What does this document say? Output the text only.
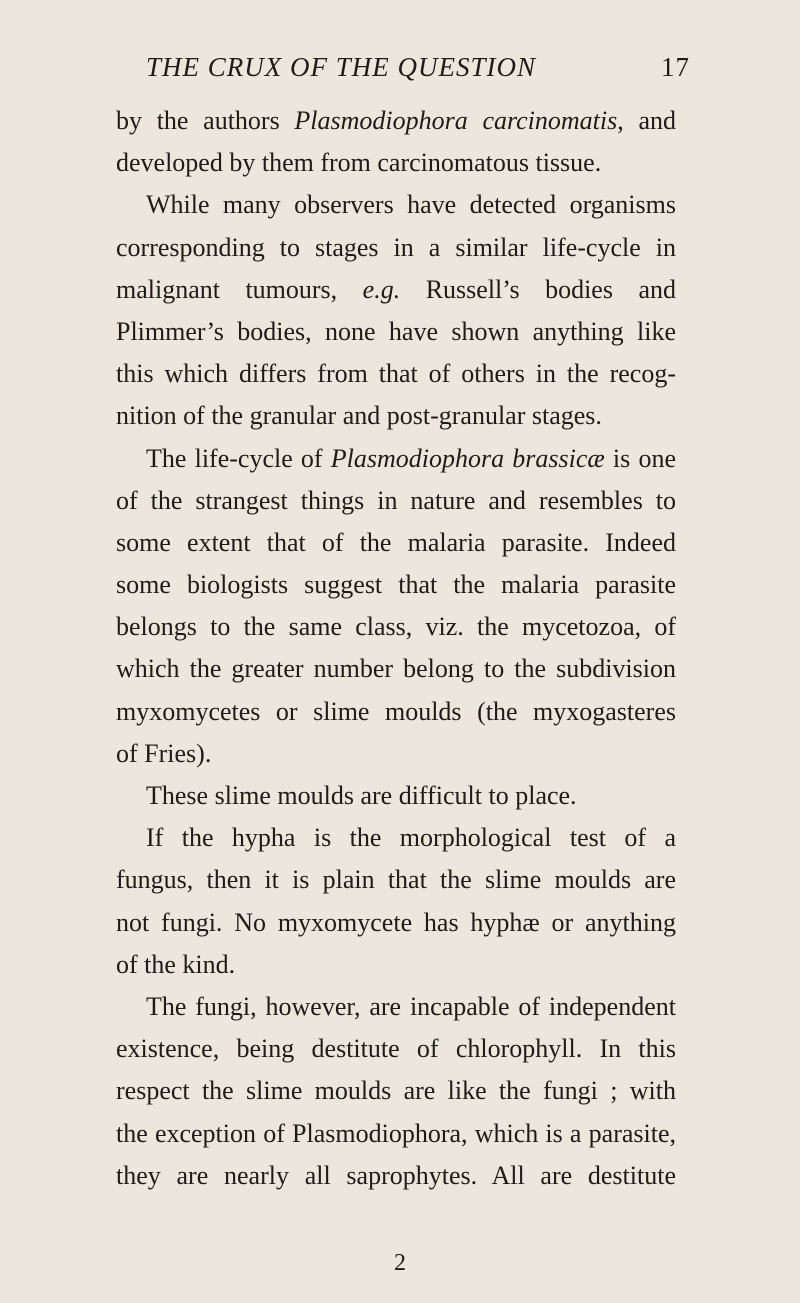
THE CRUX OF THE QUESTION	17
by the authors Plasmodiophora carcinomatis, and
developed by them from carcinomatous tissue.
While many observers have detected organisms
corresponding to stages in a similar life-cycle in
malignant tumours, e.g. Russell’s bodies and
Plimmer’s bodies, none have shown anything like
this which differs from that of others in the recog-
nition of the granular and post-granular stages.
The life-cycle of Plasmodiophora brassicæ is one
of the strangest things in nature and resembles to
some extent that of the malaria parasite. Indeed
some biologists suggest that the malaria parasite
belongs to the same class, viz. the mycetozoa, of
which the greater number belong to the subdivision
myxomycetes or slime moulds (the myxogasteres
of Fries).
These slime moulds are difficult to place.
If the hypha is the morphological test of a
fungus, then it is plain that the slime moulds are
not fungi. No myxomycete has hyphæ or anything
of the kind.
The fungi, however, are incapable of independent
existence, being destitute of chlorophyll. In this
respect the slime moulds are like the fungi ; with
the exception of Plasmodiophora, which is a parasite,
they are nearly all saprophytes. All are destitute
2
